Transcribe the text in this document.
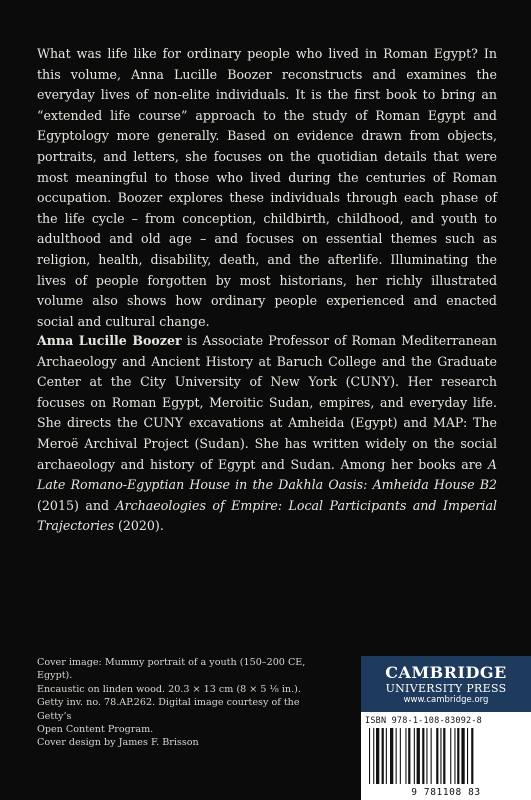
What was life like for ordinary people who lived in Roman Egypt? In this volume, Anna Lucille Boozer reconstructs and examines the everyday lives of non-elite individuals. It is the first book to bring an “extended life course” approach to the study of Roman Egypt and Egyptology more generally. Based on evidence drawn from objects, portraits, and letters, she focuses on the quotidian details that were most meaningful to those who lived during the centuries of Roman occupation. Boozer explores these individuals through each phase of the life cycle – from conception, childbirth, childhood, and youth to adulthood and old age – and focuses on essential themes such as religion, health, disability, death, and the afterlife. Illuminating the lives of people forgotten by most historians, her richly illustrated volume also shows how ordinary people experienced and enacted social and cultural change.

Anna Lucille Boozer is Associate Professor of Roman Mediterranean Archaeology and Ancient History at Baruch College and the Graduate Center at the City University of New York (CUNY). Her research focuses on Roman Egypt, Meroitic Sudan, empires, and everyday life. She directs the CUNY excavations at Amheida (Egypt) and MAP: The Meroë Archival Project (Sudan). She has written widely on the social archaeology and history of Egypt and Sudan. Among her books are A Late Romano-Egyptian House in the Dakhla Oasis: Amheida House B2 (2015) and Archaeologies of Empire: Local Participants and Imperial Trajectories (2020).

Cover image: Mummy portrait of a youth (150–200 CE, Egypt).
Encaustic on linden wood. 20.3 × 13 cm (8 × 5 ⅛ in.).
Getty inv. no. 78.AP.262. Digital image courtesy of the Getty’s
Open Content Program.

Cover design by James F. Brisson

CAMBRIDGE
UNIVERSITY PRESS
www.cambridge.org
ISBN 978-1-108-83092-8
9 781108 83
